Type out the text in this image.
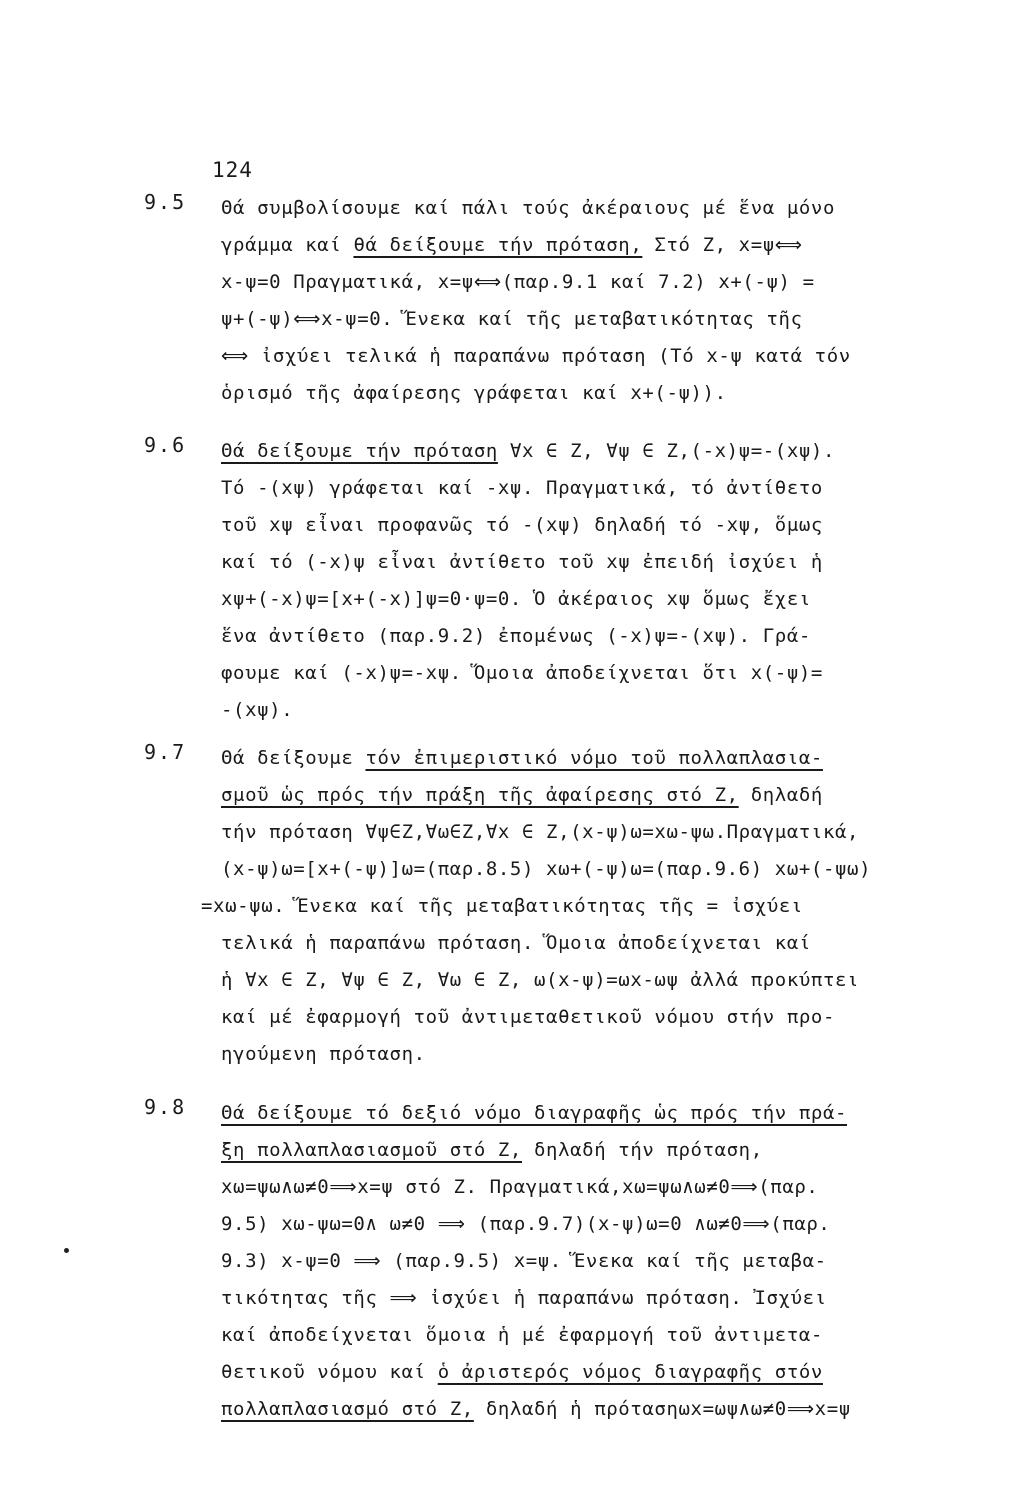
124
9.5 Θά συμβολίσουμε καί πάλι τούς ἀκέραιους μέ ἕνα μόνο
γράμμα καί θά δείξουμε τήν πρόταση, Στό Z, x=ψ⟺
x-ψ=0 Πραγματικά, x=ψ⟺(παρ.9.1 καί 7.2) x+(-ψ) =
ψ+(-ψ)⟺x-ψ=0. Ἕνεκα καί τῆς μεταβατικότητας τῆς
⟺ ἰσχύει τελικά ἡ παραπάνω πρόταση (Τό x-ψ κατά τόν
ὁρισμό τῆς ἀφαίρεσης γράφεται καί x+(-ψ)).
9.6 Θά δείξουμε τήν πρόταση ∀x ∈ Z, ∀ψ ∈ Z,(-x)ψ=-(xψ).
Τό -(xψ) γράφεται καί -xψ. Πραγματικά, τό ἀντίθετο
τοῦ xψ εἶναι προφανῶς τό -(xψ) δηλαδή τό -xψ, ὅμως
καί τό (-x)ψ εἶναι ἀντίθετο τοῦ xψ ἐπειδή ἰσχύει ἡ
xψ+(-x)ψ=[x+(-x)]ψ=0·ψ=0. Ὁ ἀκέραιος xψ ὅμως ἔχει
ἕνα ἀντίθετο (παρ.9.2) ἐπομένως (-x)ψ=-(xψ). Γρά-
φουμε καί (-x)ψ=-xψ. Ὅμοια ἀποδείχνεται ὅτι x(-ψ)=
-(xψ).
9.7 Θά δείξουμε τόν ἐπιμεριστικό νόμο τοῦ πολλαπλασια-
σμοῦ ὡς πρός τήν πράξη τῆς ἀφαίρεσης στό Z, δηλαδή
τήν πρόταση ∀ψ∈Z,∀ω∈Z,∀x ∈ Z,(x-ψ)ω=xω-ψω.Πραγματικά,
(x-ψ)ω=[x+(-ψ)]ω=(παρ.8.5) xω+(-ψ)ω=(παρ.9.6) xω+(-ψω)
=xω-ψω. Ἕνεκα καί τῆς μεταβατικότητας τῆς = ἰσχύει
τελικά ἡ παραπάνω πρόταση. Ὅμοια ἀποδείχνεται καί
ἡ ∀x ∈ Z, ∀ψ ∈ Z, ∀ω ∈ Z, ω(x-ψ)=ωx-ωψ ἀλλά προκύπτει
καί μέ ἐφαρμογή τοῦ ἀντιμεταθετικοῦ νόμου στήν προ-
ηγούμενη πρόταση.
9.8 Θά δείξουμε τό δεξιό νόμο διαγραφῆς ὡς πρός τήν πρά-
ξη πολλαπλασιασμοῦ στό Z, δηλαδή τήν πρόταση,
xω=ψω∧ω≠0⟹x=ψ στό Z. Πραγματικά,xω=ψω∧ω≠0⟹(παρ.
9.5) xω-ψω=0∧ ω≠0 ⟹ (παρ.9.7)(x-ψ)ω=0 ∧ω≠0⟹(παρ.
9.3) x-ψ=0 ⟹ (παρ.9.5) x=ψ. Ἕνεκα καί τῆς μεταβα-
τικότητας τῆς ⟹ ἰσχύει ἡ παραπάνω πρόταση. Ἰσχύει
καί ἀποδείχνεται ὅμοια ἡ μέ ἐφαρμογή τοῦ ἀντιμετα-
θετικοῦ νόμου καί ὁ ἀριστερός νόμος διαγραφῆς στόν
πολλαπλασιασμό στό Z, δηλαδή ἡ πρότασηωx=ωψ∧ω≠0⟹x=ψ
